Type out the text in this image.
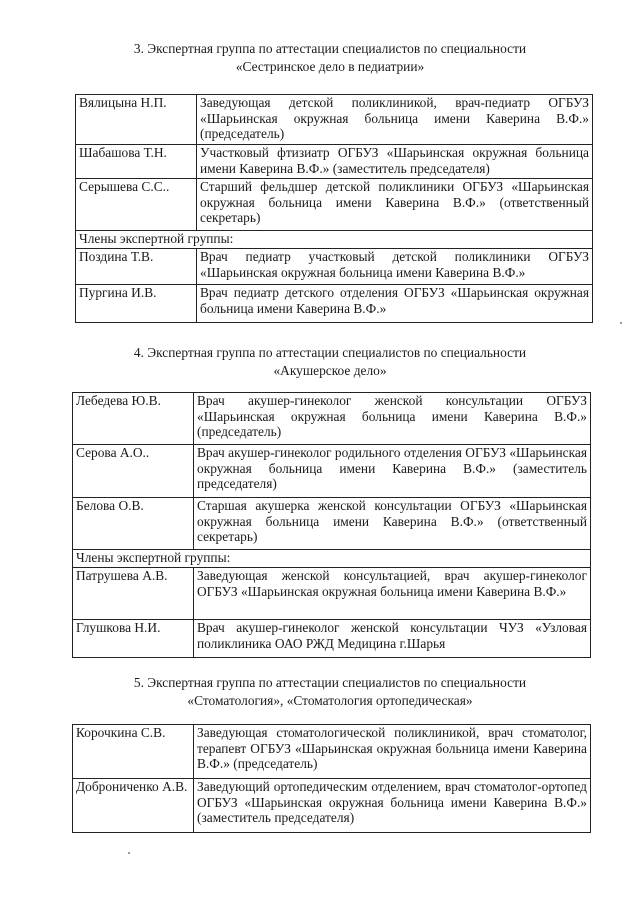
3. Экспертная группа по аттестации специалистов по специальности
«Сестринское дело в педиатрии»
Вялицына Н.П.	Заведующая детской поликлиникой, врач-педиатр ОГБУЗ «Шарьинская окружная больница имени Каверина В.Ф.» (председатель)
Шабашова Т.Н.	Участковый фтизиатр ОГБУЗ «Шарьинская окружная больница имени Каверина В.Ф.» (заместитель председателя)
Серышева С.С..	Старший фельдшер детской поликлиники ОГБУЗ «Шарьинская окружная больница имени Каверина В.Ф.» (ответственный секретарь)
Члены экспертной группы:	
Поздина Т.В.	Врач педиатр участковый детской поликлиники ОГБУЗ «Шарьинская окружная больница имени Каверина В.Ф.»
Пургина И.В.	Врач педиатр детского отделения ОГБУЗ «Шарьинская окружная больница имени Каверина В.Ф.»
4. Экспертная группа по аттестации специалистов по специальности
«Акушерское дело»
Лебедева Ю.В.	Врач акушер-гинеколог женской консультации ОГБУЗ «Шарьинская окружная больница имени Каверина В.Ф.» (председатель)
Серова А.О..	Врач акушер-гинеколог родильного отделения ОГБУЗ «Шарьинская окружная больница имени Каверина В.Ф.» (заместитель председателя)
Белова О.В.	Старшая акушерка женской консультации ОГБУЗ «Шарьинская окружная больница имени Каверина В.Ф.» (ответственный секретарь)
Члены экспертной группы:	
Патрушева А.В.	Заведующая женской консультацией, врач акушер-гинеколог ОГБУЗ «Шарьинская окружная больница имени Каверина В.Ф.»
Глушкова Н.И.	Врач акушер-гинеколог женской консультации ЧУЗ «Узловая поликлиника ОАО РЖД Медицина г.Шарья
5. Экспертная группа по аттестации специалистов по специальности
«Стоматология», «Стоматология ортопедическая»
Корочкина С.В.	Заведующая стоматологической поликлиникой, врач стоматолог, терапевт ОГБУЗ «Шарьинская окружная больница имени Каверина В.Ф.» (председатель)
Доброниченко А.В.	Заведующий ортопедическим отделением, врач стоматолог-ортопед ОГБУЗ «Шарьинская окружная больница имени Каверина В.Ф.» (заместитель председателя)
